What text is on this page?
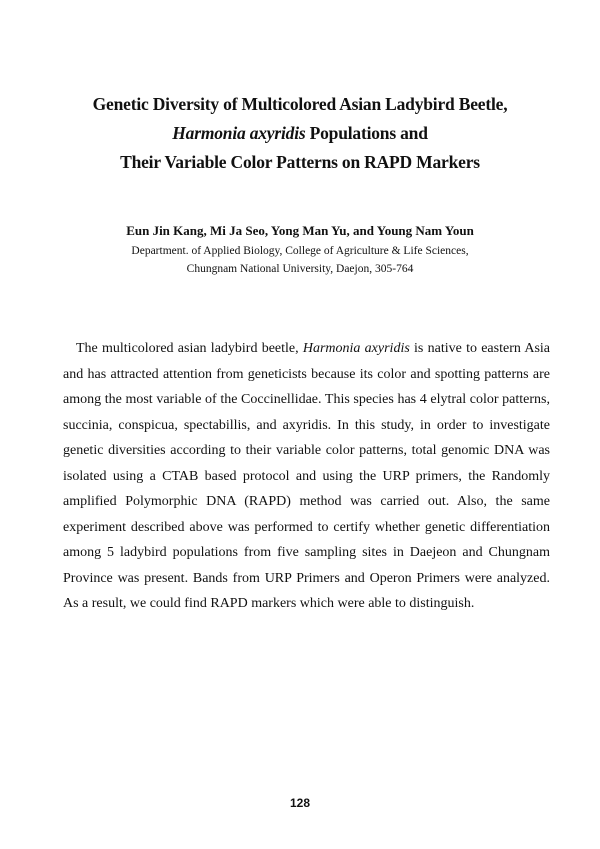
Genetic Diversity of Multicolored Asian Ladybird Beetle,
Harmonia axyridis Populations and
Their Variable Color Patterns on RAPD Markers
Eun Jin Kang, Mi Ja Seo, Yong Man Yu, and Young Nam Youn
Department. of Applied Biology, College of Agriculture & Life Sciences,
Chungnam National University, Daejon, 305-764

The multicolored asian ladybird beetle, Harmonia axyridis is native to eastern Asia and has attracted attention from geneticists because its color and spotting patterns are among the most variable of the Coccinellidae. This species has 4 elytral color patterns, succinia, conspicua, spectabillis, and axyridis. In this study, in order to investigate genetic diversities according to their variable color patterns, total genomic DNA was isolated using a CTAB based protocol and using the URP primers, the Randomly amplified Polymorphic DNA (RAPD) method was carried out. Also, the same experiment described above was performed to certify whether genetic differentiation among 5 ladybird populations from five sampling sites in Daejeon and Chungnam Province was present. Bands from URP Primers and Operon Primers were analyzed. As a result, we could find RAPD markers which were able to distinguish.

128
